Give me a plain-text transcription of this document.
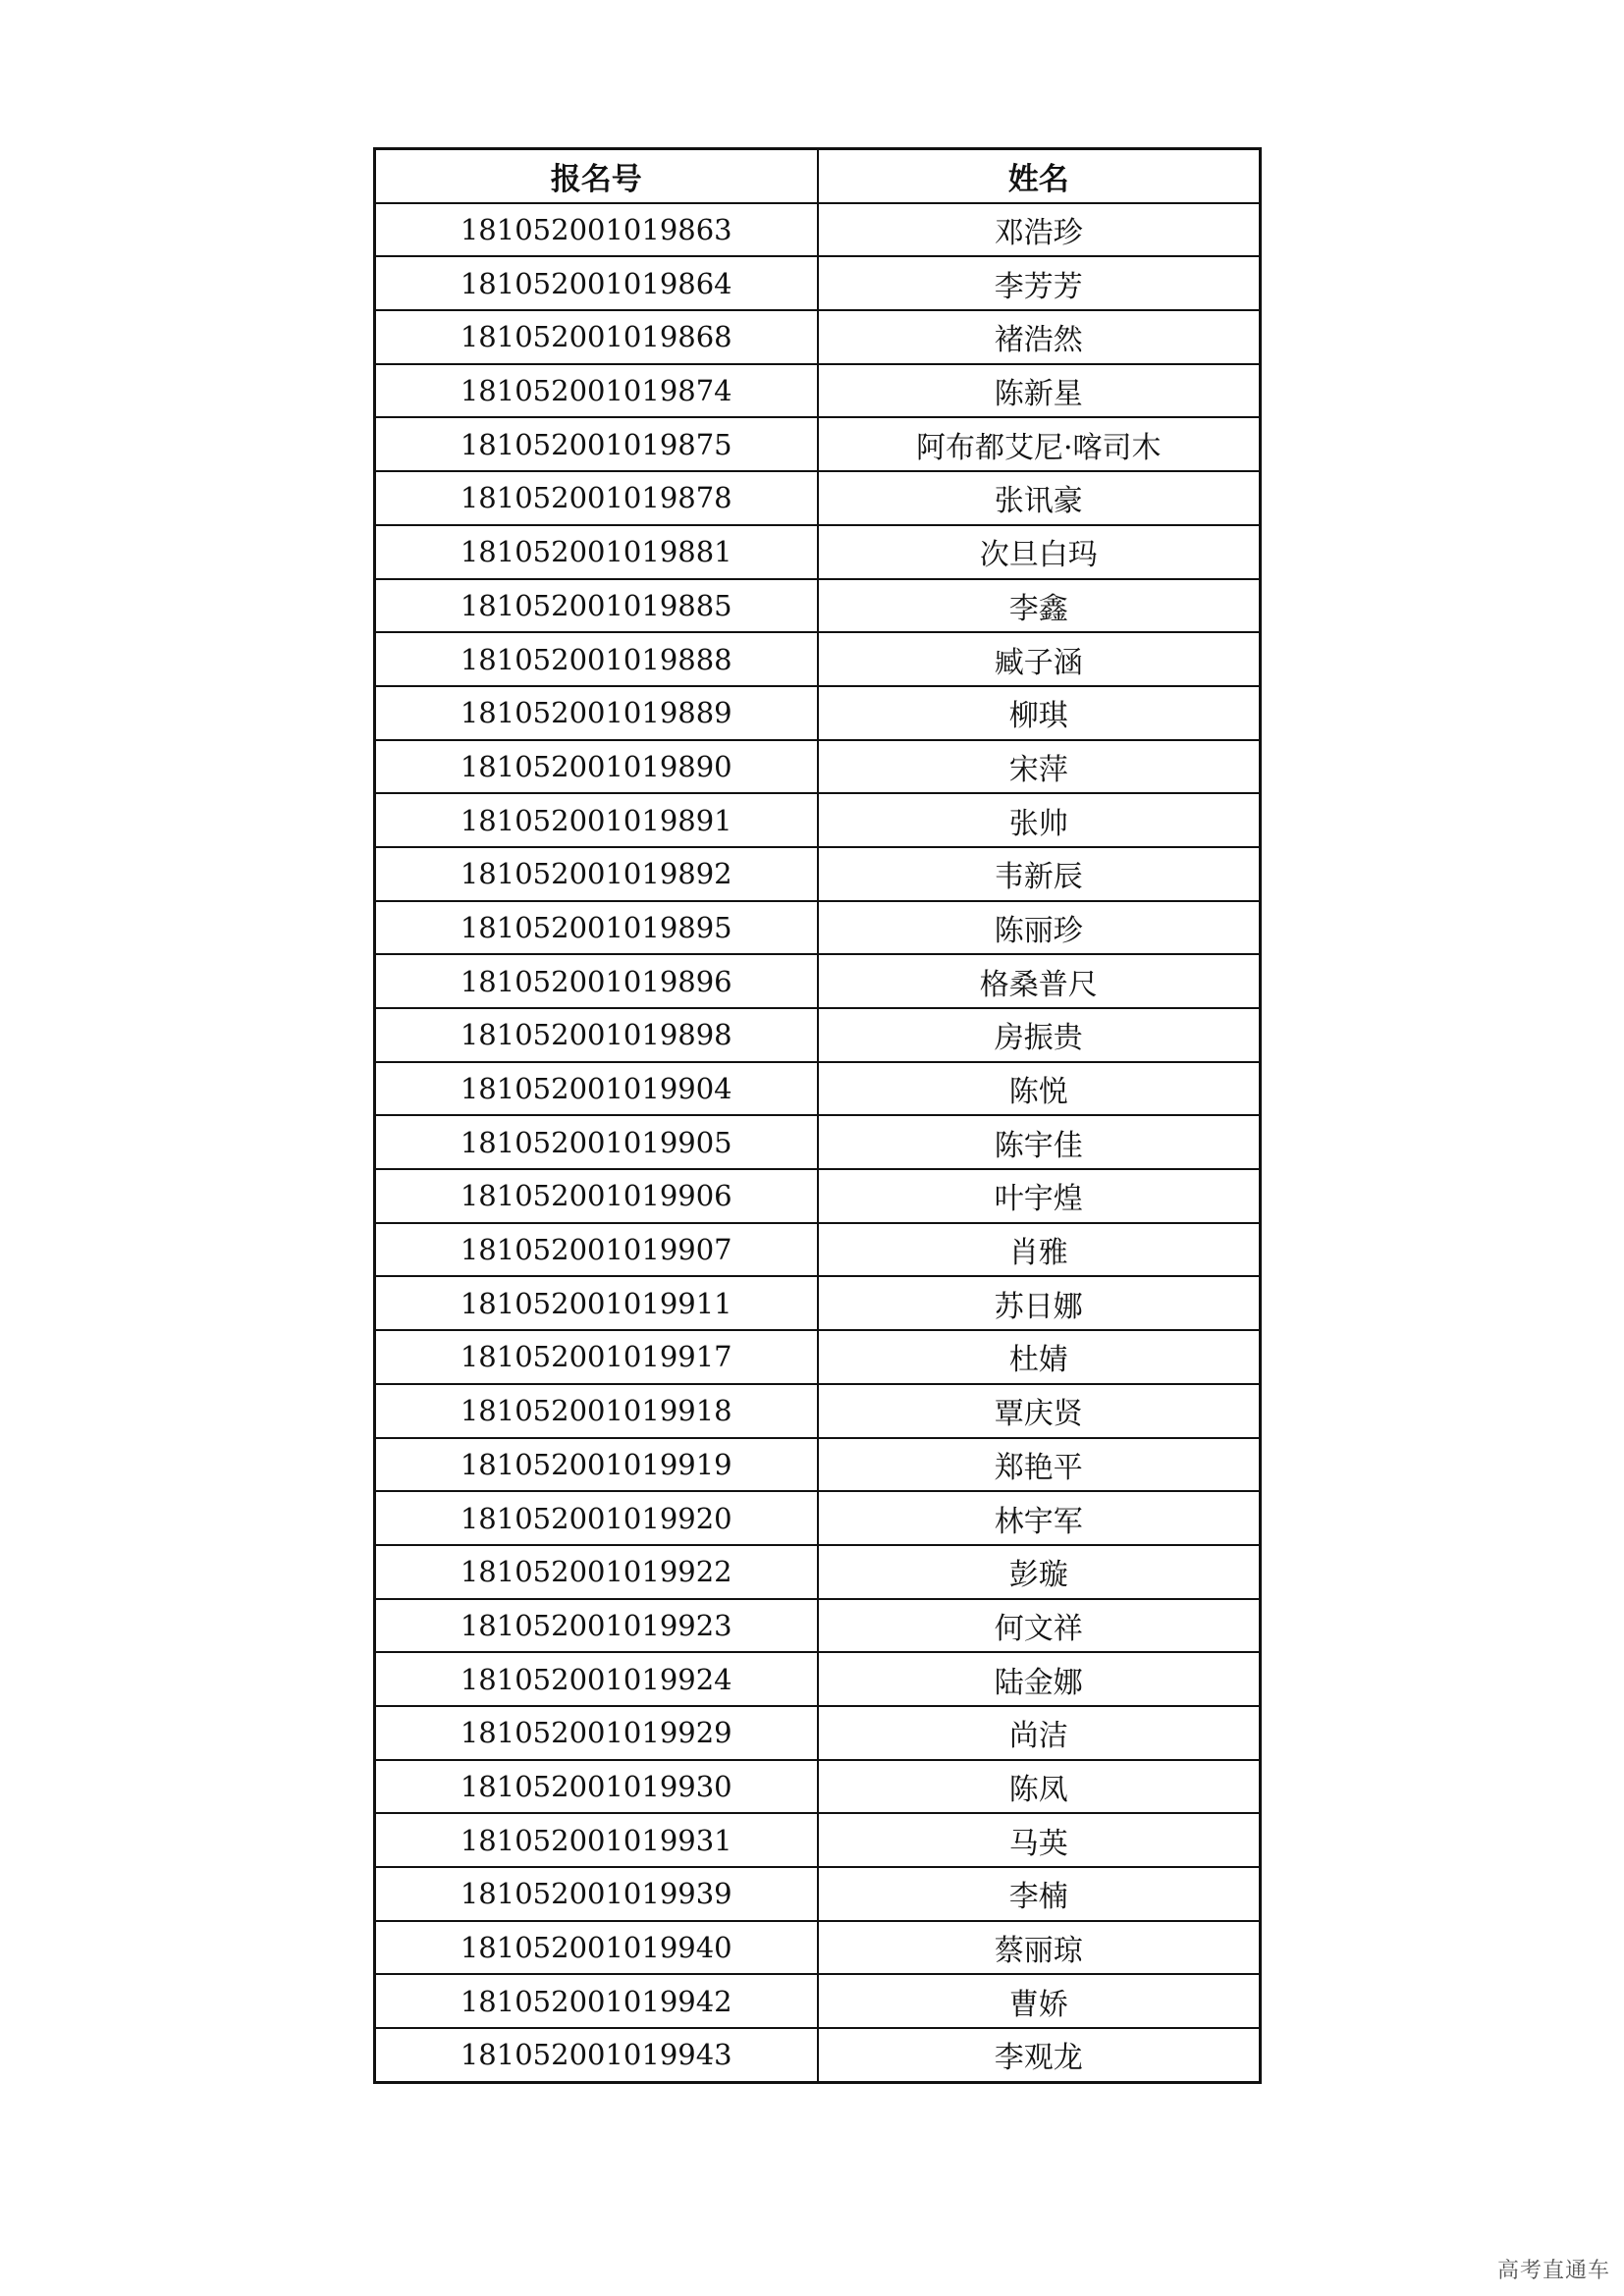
报名号	姓名
181052001019863	邓浩珍
181052001019864	李芳芳
181052001019868	褚浩然
181052001019874	陈新星
181052001019875	阿布都艾尼·喀司木
181052001019878	张讯豪
181052001019881	次旦白玛
181052001019885	李鑫
181052001019888	臧子涵
181052001019889	柳琪
181052001019890	宋萍
181052001019891	张帅
181052001019892	韦新辰
181052001019895	陈丽珍
181052001019896	格桑普尺
181052001019898	房振贵
181052001019904	陈悦
181052001019905	陈宇佳
181052001019906	叶宇煌
181052001019907	肖雅
181052001019911	苏日娜
181052001019917	杜婧
181052001019918	覃庆贤
181052001019919	郑艳平
181052001019920	林宇军
181052001019922	彭璇
181052001019923	何文祥
181052001019924	陆金娜
181052001019929	尚洁
181052001019930	陈凤
181052001019931	马英
181052001019939	李楠
181052001019940	蔡丽琼
181052001019942	曹娇
181052001019943	李观龙
高考直通车
